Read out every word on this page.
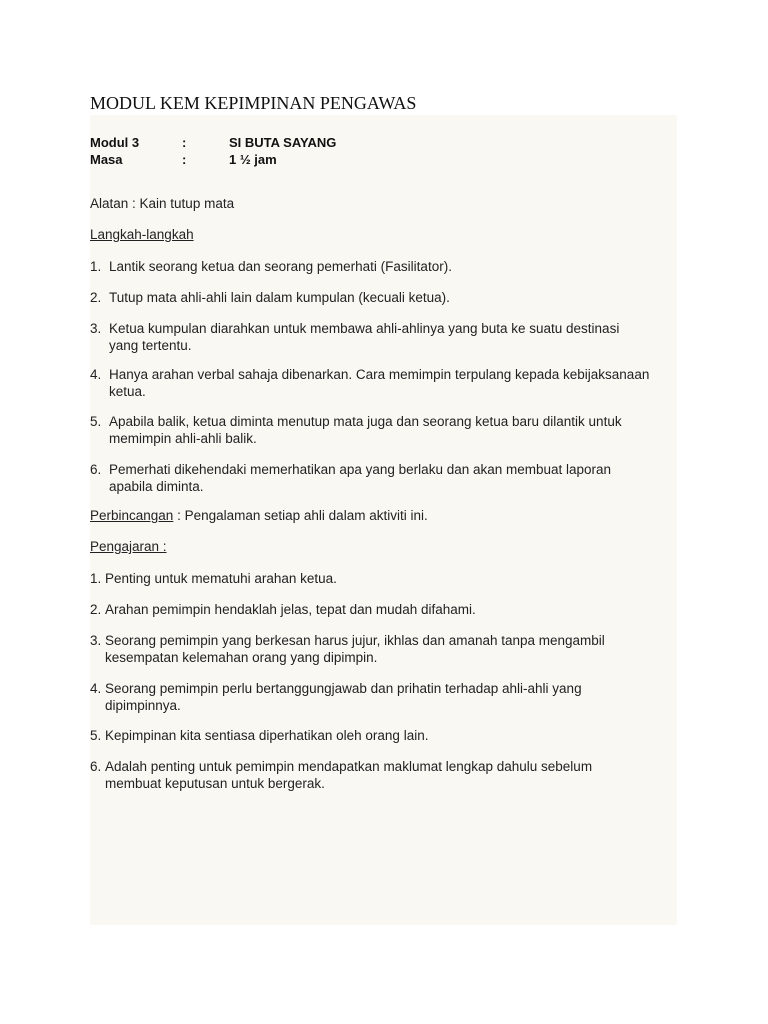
MODUL KEM KEPIMPINAN PENGAWAS
Modul 3	:	SI BUTA SAYANG
Masa	:	1 ½ jam
Alatan : Kain tutup mata
Langkah-langkah
1. Lantik seorang ketua dan seorang pemerhati (Fasilitator).
2. Tutup mata ahli-ahli lain dalam kumpulan (kecuali ketua).
3. Ketua kumpulan diarahkan untuk membawa ahli-ahlinya yang buta ke suatu destinasi yang tertentu.
4. Hanya arahan verbal sahaja dibenarkan. Cara memimpin terpulang kepada kebijaksanaan ketua.
5. Apabila balik, ketua diminta menutup mata juga dan seorang ketua baru dilantik untuk memimpin ahli-ahli balik.
6. Pemerhati dikehendaki memerhatikan apa yang berlaku dan akan membuat laporan apabila diminta.
Perbincangan : Pengalaman setiap ahli dalam aktiviti ini.
Pengajaran :
1. Penting untuk mematuhi arahan ketua.
2. Arahan pemimpin hendaklah jelas, tepat dan mudah difahami.
3. Seorang pemimpin yang berkesan harus jujur, ikhlas dan amanah tanpa mengambil kesempatan kelemahan orang yang dipimpin.
4. Seorang pemimpin perlu bertanggungjawab dan prihatin terhadap ahli-ahli yang dipimpinnya.
5. Kepimpinan kita sentiasa diperhatikan oleh orang lain.
6. Adalah penting untuk pemimpin mendapatkan maklumat lengkap dahulu sebelum membuat keputusan untuk bergerak.
